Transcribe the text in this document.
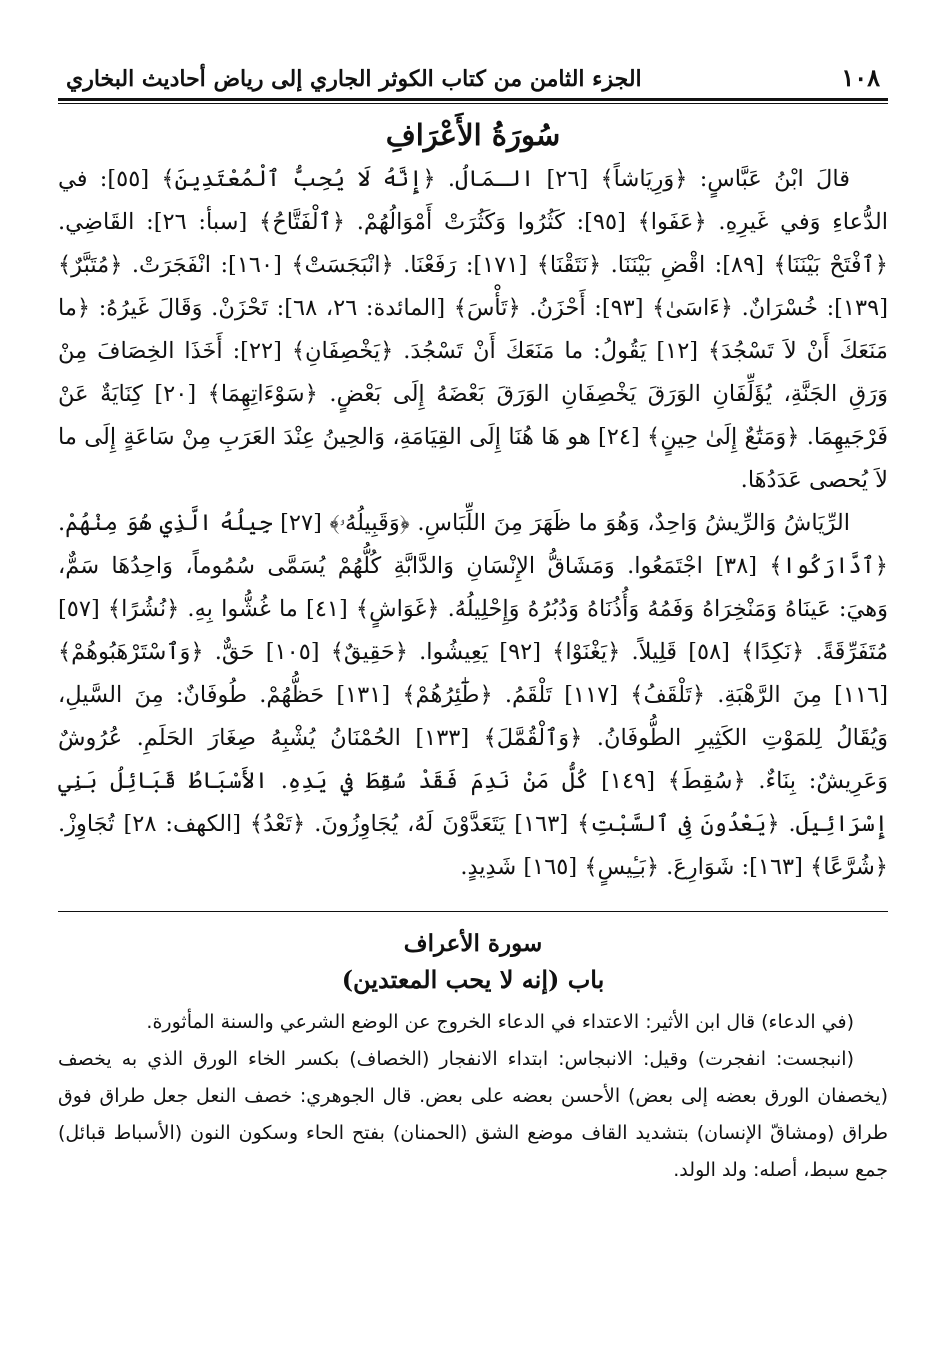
١٠٨
الجزء الثامن من كتاب الكوثر الجاري إلى رياض أحاديث البخاري
سُورَةُ الأَعْرَافِ

قالَ ابْنُ عَبَّاسٍ: ﴿وَرِيَاشاً﴾ [٢٦] الـمَالُ. ﴿إِنَّهُ لَا يُحِبُّ ٱلْمُعْتَدِينَ﴾ [٥٥]: في الدُّعاءِ وَفي غَيرِهِ. ﴿عَفَوا﴾ [٩٥]: كَثُرُوا وَكَثُرَتْ أَمْوَالُهُمْ. ﴿ٱلْفَتَّاحُ﴾ [سبأ: ٢٦]: القَاضِي. ﴿ٱفْتَحْ بَيْنَنَا﴾ [٨٩]: اقْضِ بَيْنَنَا. ﴿نَتَقْنَا﴾ [١٧١]: رَفَعْنَا. ﴿انْبَجَسَتْ﴾ [١٦٠]: انْفَجَرَتْ. ﴿مُتَبَّرٌ﴾ [١٣٩]: خُسْرَانٌ. ﴿ءَاسَىٰ﴾ [٩٣]: أَحْزَنُ. ﴿تَأْسَ﴾ [المائدة: ٢٦، ٦٨]: تَحْزَنْ. وَقَالَ غَيرُهُ: ﴿ما مَنَعَكَ أَنْ لاَ تَسْجُدَ﴾ [١٢] يَقُولُ: ما مَنَعَكَ أَنْ تَسْجُدَ. ﴿يَخْصِفَانِ﴾ [٢٢]: أَخَذَا الخِصَافَ مِنْ وَرَقِ الجَنَّةِ، يُؤَلِّفَانِ الوَرَقَ يَخْصِفَانِ الوَرَقَ بَعْضَهُ إِلَى بَعْضٍ. ﴿سَوْءَاتِهِمَا﴾ [٢٠] كِنَايَةٌ عَنْ فَرْجَيهِمَا. ﴿وَمَتَٰعٌ إِلَىٰ حِينٍ﴾ [٢٤] هو هَا هُنَا إِلَى القِيَامَةِ، وَالحِينُ عِنْدَ العَرَبِ مِنْ سَاعَةٍ إِلَى ما لاَ يُحصى عَدَدُهَا.

الرِّيَاشُ وَالرِّيشُ وَاحِدٌ، وَهُوَ ما ظَهَرَ مِنَ اللِّبَاسِ. ﴿وَقَبِيلُهُۥ﴾ [٢٧] جِيلُهُ الَّذِي هُوَ مِنْهُمْ. ﴿ٱدَّارَكُوا﴾ [٣٨] اجْتَمَعُوا. وَمَشَاقُّ الإِنْسَانِ وَالدَّابَّةِ كُلُّهُمْ يُسَمَّى سُمُوماً، وَاحِدُهَا سَمٌّ، وَهيَ: عَينَاهُ وَمَنْخِرَاهُ وَفَمُهُ وَأُذُنَاهُ وَدُبُرُهُ وَإِحْلِيلُهُ. ﴿غَوَاشٍ﴾ [٤١] ما غُشُّوا بِهِ. ﴿نُشُرًا﴾ [٥٧] مُتَفَرِّقَةً. ﴿نَكِدًا﴾ [٥٨] قَلِيلاً. ﴿يَغْنَوْا﴾ [٩٢] يَعِيشُوا. ﴿حَقِيقٌ﴾ [١٠٥] حَقٌّ. ﴿وَٱسْتَرْهَبُوهُمْ﴾ [١١٦] مِنَ الرَّهْبَةِ. ﴿تَلْقَفُ﴾ [١١٧] تَلْقَمُ. ﴿طَٰٓئِرُهُمْ﴾ [١٣١] حَظُّهُمْ. طُوفَانٌ: مِنَ السَّيلِ، وَيُقَالُ لِلمَوْتِ الكَثِيرِ الطُّوفَانُ. ﴿وَٱلْقُمَّلَ﴾ [١٣٣] الحُمْنَانُ يُشْبِهُ صِغَارَ الحَلَمِ. عُرُوشٌ وَعَرِيشٌ: بِنَاءٌ. ﴿سُقِطَ﴾ [١٤٩] كُلُّ مَنْ نَدِمَ فَقَدْ سُقِطَ في يَدِهِ. الأَسْبَاطُ قَبَائِلُ بَنِي إِسْرَائِيلَ. ﴿يَعْدُونَ فِى ٱلسَّبْتِ﴾ [١٦٣] يَتَعَدَّوْنَ لَهُ، يُجَاوِزُونَ. ﴿تَعْدُ﴾ [الكهف: ٢٨] تُجَاوِزْ. ﴿شُرَّعًا﴾ [١٦٣]: شَوَارِعَ. ﴿بَـِٔيسٍ﴾ [١٦٥] شَدِيدٍ.

سورة الأعراف
باب (إنه لا يحب المعتدين)

(في الدعاء) قال ابن الأثير: الاعتداء في الدعاء الخروج عن الوضع الشرعي والسنة المأثورة.

(انبجست: انفجرت) وقيل: الانبجاس: ابتداء الانفجار (الخصاف) بكسر الخاء الورق الذي به يخصف (يخصفان الورق بعضه إلى بعض) الأحسن بعضه على بعض. قال الجوهري: خصف النعل جعل طراق فوق طراق (ومشاقّ الإنسان) بتشديد القاف موضع الشق (الحمنان) بفتح الحاء وسكون النون (الأسباط قبائل) جمع سبط، أصله: ولد الولد.
